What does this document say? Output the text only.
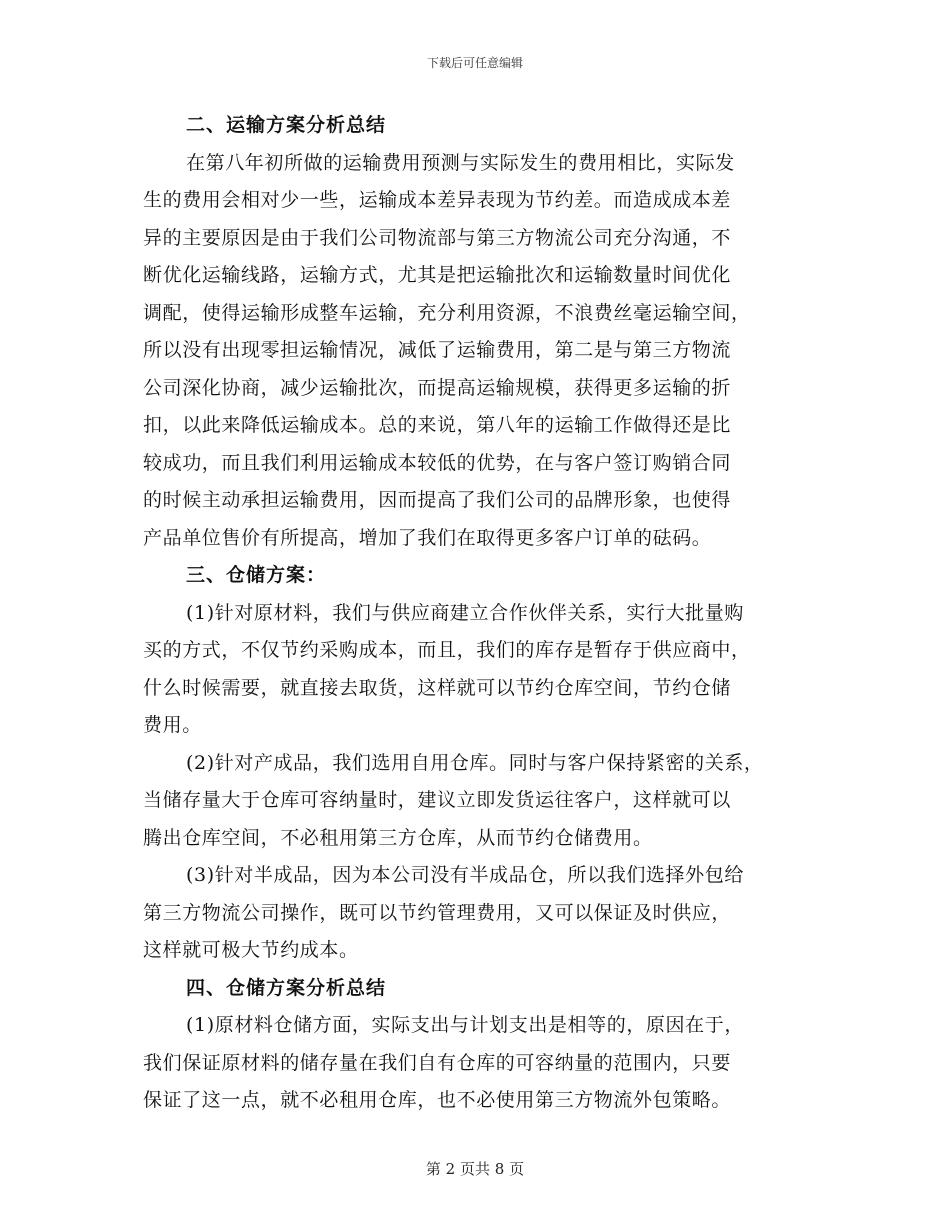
下载后可任意编辑
二、运输方案分析总结
在第八年初所做的运输费用预测与实际发生的费用相比，实际发
生的费用会相对少一些，运输成本差异表现为节约差。而造成成本差
异的主要原因是由于我们公司物流部与第三方物流公司充分沟通，不
断优化运输线路，运输方式，尤其是把运输批次和运输数量时间优化
调配，使得运输形成整车运输，充分利用资源，不浪费丝毫运输空间，
所以没有出现零担运输情况，减低了运输费用，第二是与第三方物流
公司深化协商，减少运输批次，而提高运输规模，获得更多运输的折
扣，以此来降低运输成本。总的来说，第八年的运输工作做得还是比
较成功，而且我们利用运输成本较低的优势，在与客户签订购销合同
的时候主动承担运输费用，因而提高了我们公司的品牌形象，也使得
产品单位售价有所提高，增加了我们在取得更多客户订单的砝码。
三、仓储方案：
(1)针对原材料，我们与供应商建立合作伙伴关系，实行大批量购
买的方式，不仅节约采购成本，而且，我们的库存是暂存于供应商中，
什么时候需要，就直接去取货，这样就可以节约仓库空间，节约仓储
费用。
(2)针对产成品，我们选用自用仓库。同时与客户保持紧密的关系，
当储存量大于仓库可容纳量时，建议立即发货运往客户，这样就可以
腾出仓库空间，不必租用第三方仓库，从而节约仓储费用。
(3)针对半成品，因为本公司没有半成品仓，所以我们选择外包给
第三方物流公司操作，既可以节约管理费用，又可以保证及时供应，
这样就可极大节约成本。
四、仓储方案分析总结
(1)原材料仓储方面，实际支出与计划支出是相等的，原因在于，
我们保证原材料的储存量在我们自有仓库的可容纳量的范围内，只要
保证了这一点，就不必租用仓库，也不必使用第三方物流外包策略。
第 2 页共 8 页
